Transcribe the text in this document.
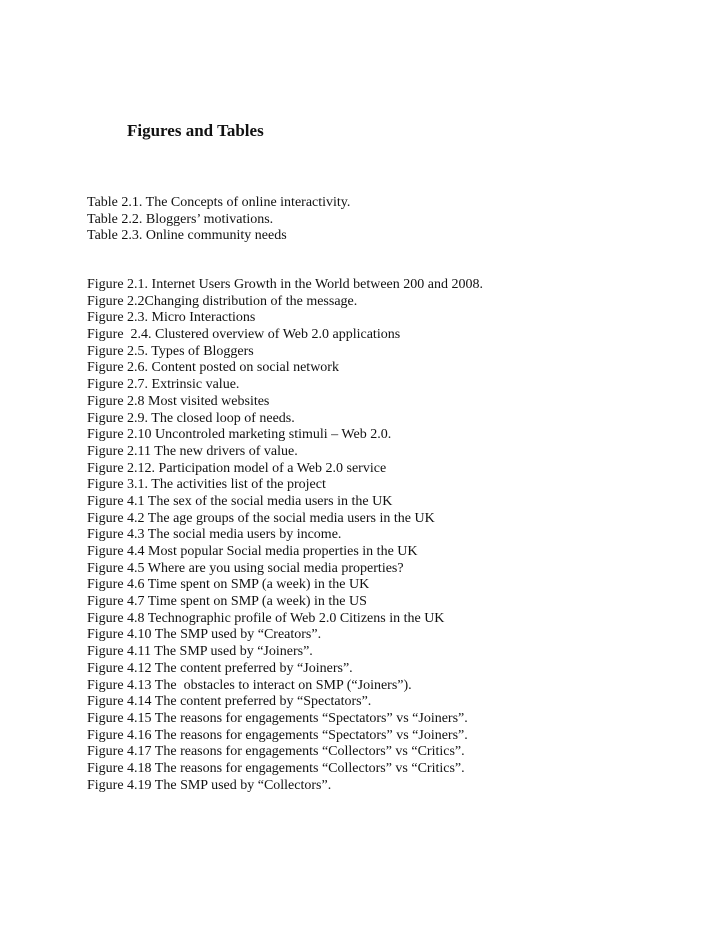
Figures and Tables
Table 2.1. The Concepts of online interactivity.
Table 2.2. Bloggers’ motivations.
Table 2.3. Online community needs
Figure 2.1. Internet Users Growth in the World between 200 and 2008.
Figure 2.2Changing distribution of the message.
Figure 2.3. Micro Interactions
Figure  2.4. Clustered overview of Web 2.0 applications
Figure 2.5. Types of Bloggers
Figure 2.6. Content posted on social network
Figure 2.7. Extrinsic value.
Figure 2.8 Most visited websites
Figure 2.9. The closed loop of needs.
Figure 2.10 Uncontroled marketing stimuli – Web 2.0.
Figure 2.11 The new drivers of value.
Figure 2.12. Participation model of a Web 2.0 service
Figure 3.1. The activities list of the project
Figure 4.1 The sex of the social media users in the UK
Figure 4.2 The age groups of the social media users in the UK
Figure 4.3 The social media users by income.
Figure 4.4 Most popular Social media properties in the UK
Figure 4.5 Where are you using social media properties?
Figure 4.6 Time spent on SMP (a week) in the UK
Figure 4.7 Time spent on SMP (a week) in the US
Figure 4.8 Technographic profile of Web 2.0 Citizens in the UK
Figure 4.10 The SMP used by “Creators”.
Figure 4.11 The SMP used by “Joiners”.
Figure 4.12 The content preferred by “Joiners”.
Figure 4.13 The  obstacles to interact on SMP (“Joiners”).
Figure 4.14 The content preferred by “Spectators”.
Figure 4.15 The reasons for engagements “Spectators” vs “Joiners”.
Figure 4.16 The reasons for engagements “Spectators” vs “Joiners”.
Figure 4.17 The reasons for engagements “Collectors” vs “Critics”.
Figure 4.18 The reasons for engagements “Collectors” vs “Critics”.
Figure 4.19 The SMP used by “Collectors”.
